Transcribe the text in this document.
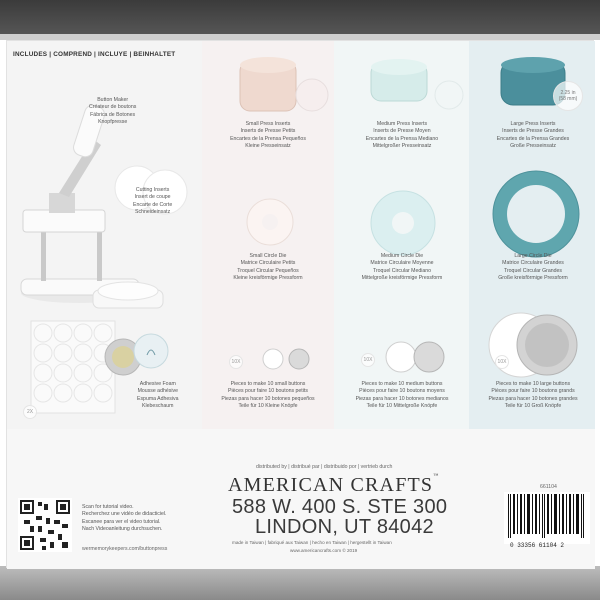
INCLUDES | COMPREND | INCLUYE | BEINHALTET
Button Maker
Créateur de boutons
Fábrica de Botones
Knopfpresse
Cutting Inserts
Insert de coupe
Encarte de Corte
Schneideinsatz
2X
Adhesive Foam
Mousse adhésive
Espuma Adhesiva
Klebeschaum
Small Press Inserts
Inserts de Presse Petits
Encartes de la Prensa Pequeños
Kleine Presseinsatz
Small Circle Die
Matrice Circulaire Petits
Troquel Circular Pequeños
Kleine kreisförmige Pressform
10X
Pieces to make 10 small buttons
Pièces pour faire 10 boutons petits
Piezas para hacer 10 botones pequeños
Teile für 10 Kleine Knöpfe
Medium Press Inserts
Inserts de Presse Moyen
Encartes de la Prensa Mediano
Mittelgroßer Presseinsatz
Medium Circle Die
Matrice Circulaire Moyenne
Troquel Circular Mediano
Mittelgroße kreisförmige Pressform
10X
Pieces to make 10 medium buttons
Pièces pour faire 10 boutons moyens
Piezas para hacer 10 botones medianos
Teile für 10 Mittelgroße Knöpfe
2.25 in
(58 mm)
Large Press Inserts
Inserts de Presse Grandes
Encartes de la Prensa Grandes
Große Presseinsatz
Large Circle Die
Matrice Circulaire Grandes
Troquel Circular Grandes
Große kreisförmige Pressform
10X
Pieces to make 10 large buttons
Pièces pour faire 10 boutons grands
Piezas para hacer 10 botones grandes
Teile für 10 Groß Knöpfe
distributed by | distribué par | distribuido por | vertrieb durch
AMERICAN CRAFTS™
588 W. 400 S. STE 300
LINDON, UT 84042
made in Taiwan | fabriqué aux Taiwan | hecho en Taiwan | hergestellt in Taiwan
www.americancrafts.com © 2019
Scan for tutorial video.
Recherchez une vidéo de didacticiel.
Escanee para ver el video tutorial.
Nach Videoanleitung durchsuchen.
wermemorykeepers.com/buttonpress
661104
0 33356 61104 2
